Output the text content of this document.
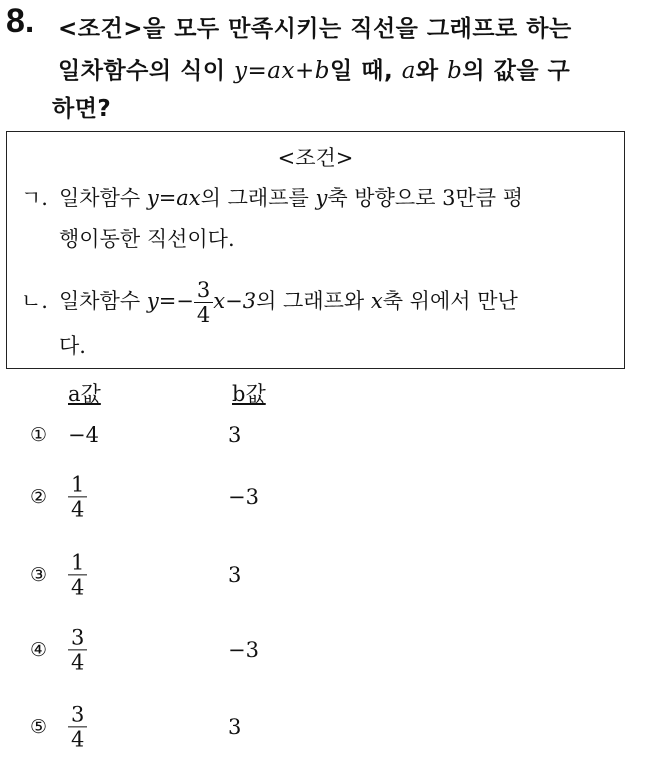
8. <조건>을 모두 만족시키는 직선을 그래프로 하는
일차함수의 식이 y=ax+b일 때, a와 b의 값을 구
하면?
<조건>
ㄱ. 일차함수 y=ax의 그래프를 y축 방향으로 3만큼 평
행이동한 직선이다.
ㄴ. 일차함수 $y=- \frac{3}{4} x-3$의 그래프와 x축 위에서 만난
다.
a값	b값
① −4	3
② $\frac{1}{4}$	−3
③ $\frac{1}{4}$	3
④ $\frac{3}{4}$	−3
⑤ $\frac{3}{4}$	3
